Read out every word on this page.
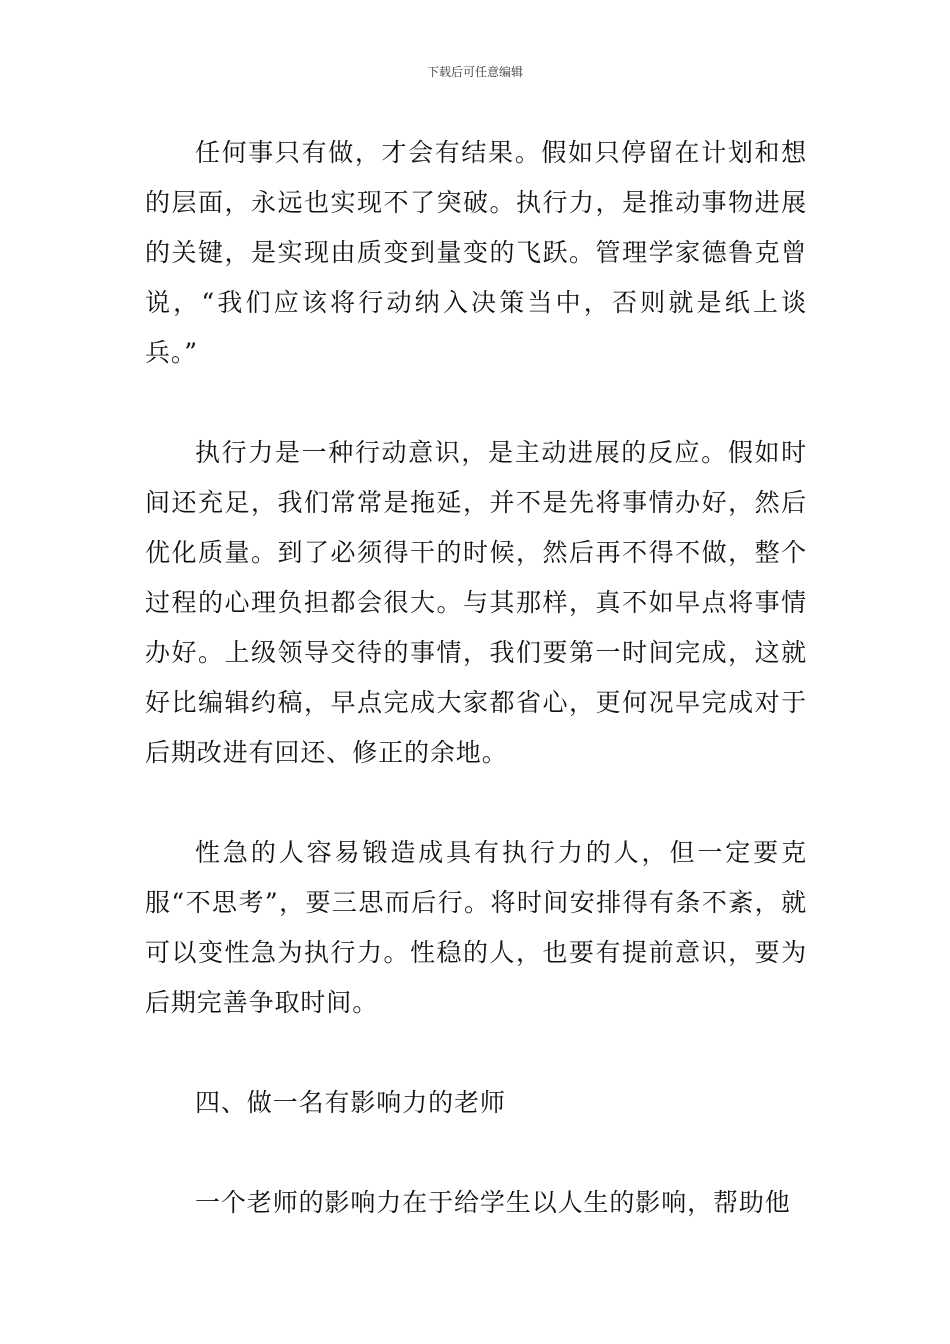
下载后可任意编辑

任何事只有做，才会有结果。假如只停留在计划和想的层面，永远也实现不了突破。执行力，是推动事物进展的关键，是实现由质变到量变的飞跃。管理学家德鲁克曾说，“我们应该将行动纳入决策当中，否则就是纸上谈兵。”

执行力是一种行动意识，是主动进展的反应。假如时间还充足，我们常常是拖延，并不是先将事情办好，然后优化质量。到了必须得干的时候，然后再不得不做，整个过程的心理负担都会很大。与其那样，真不如早点将事情办好。上级领导交待的事情，我们要第一时间完成，这就好比编辑约稿，早点完成大家都省心，更何况早完成对于后期改进有回还、修正的余地。

性急的人容易锻造成具有执行力的人，但一定要克服“不思考”，要三思而后行。将时间安排得有条不紊，就可以变性急为执行力。性稳的人，也要有提前意识，要为后期完善争取时间。

四、做一名有影响力的老师

一个老师的影响力在于给学生以人生的影响，帮助他
